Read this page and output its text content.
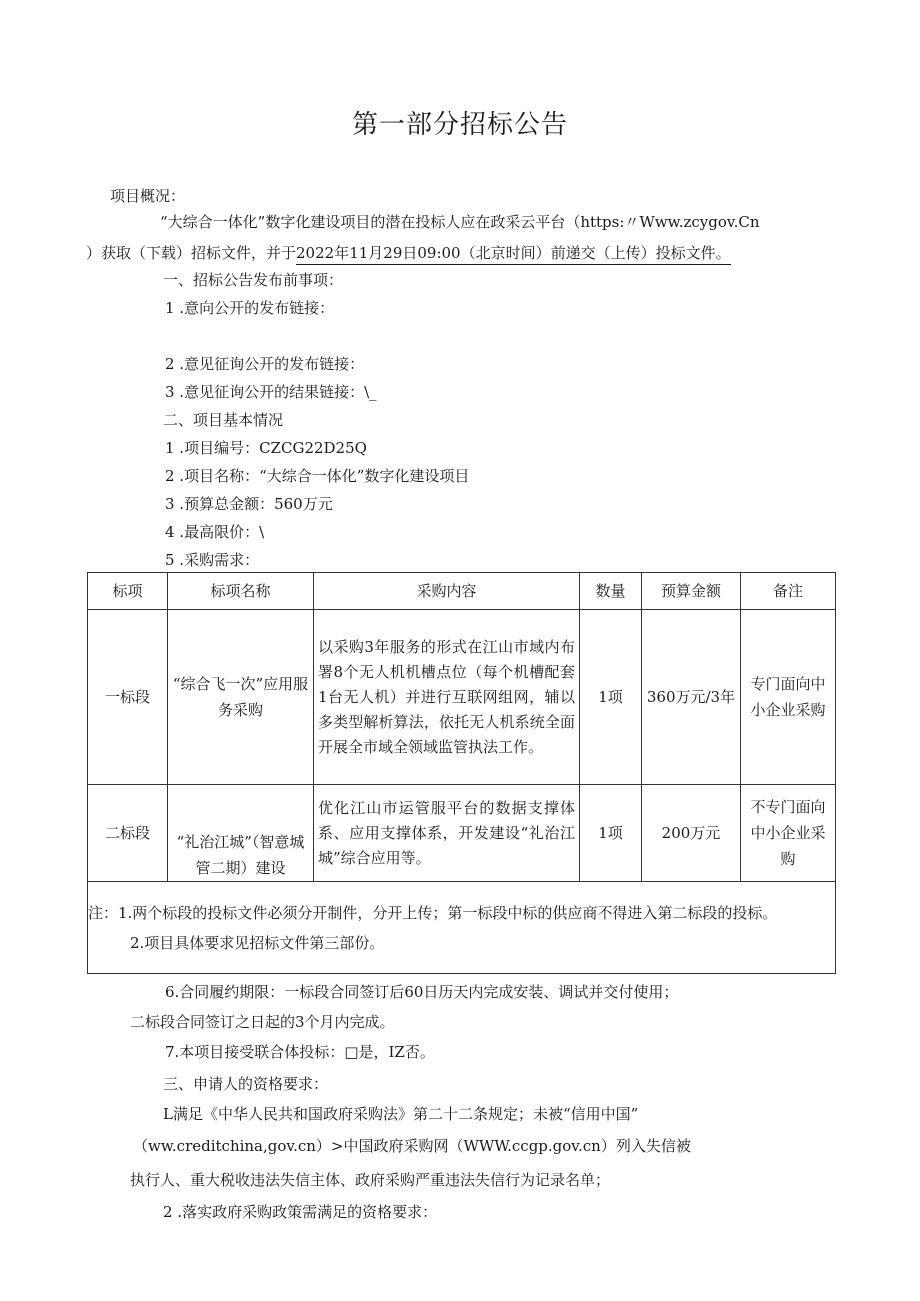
第一部分招标公告
项目概况：
“大综合一体化”数字化建设项目的潜在投标人应在政采云平台（https:〃Www.zcygov.Cn
）获取（下载）招标文件，并于2022年11月29日09:00（北京时间）前递交（上传）投标文件。
一、招标公告发布前事项：
1 .意向公开的发布链接：
2 .意见征询公开的发布链接：
3 .意见征询公开的结果链接：\_
二、项目基本情况
1 .项目编号：CZCG22D25Q
2 .项目名称：“大综合一体化”数字化建设项目
3 .预算总金额：560万元
4 .最高限价：\
5 .采购需求：
标项	标项名称	采购内容	数量	预算金额	备注
一标段	“综合飞一次”应用服务采购	以采购3年服务的形式在江山市域内布署8个无人机机槽点位（每个机槽配套1台无人机）并进行互联网组网，辅以多类型解析算法，依托无人机系统全面开展全市域全领域监管执法工作。	1项	360万元/3年	专门面向中小企业采购
二标段	“礼治江城”（智意城管二期）建设	优化江山市运管服平台的数据支撑体系、应用支撑体系，开发建设“礼治江城”综合应用等。	1项	200万元	不专门面向中小企业采购

注：1.两个标段的投标文件必须分开制件，分开上传；第一标段中标的供应商不得进入第二标段的投标。
2.项目具体要求见招标文件第三部份。					
6.合同履约期限：一标段合同签订后60日历天内完成安装、调试并交付使用；
二标段合同签订之日起的3个月内完成。
7.本项目接受联合体投标：□是，IZ否。
三、申请人的资格要求：
L满足《中华人民共和国政府采购法》第二十二条规定；未被“信用中国”
（ww.creditchina,gov.cn）>中国政府采购网（WWW.ccgp.gov.cn）列入失信被
执行人、重大税收违法失信主体、政府采购严重违法失信行为记录名单；
2 .落实政府采购政策需满足的资格要求：
